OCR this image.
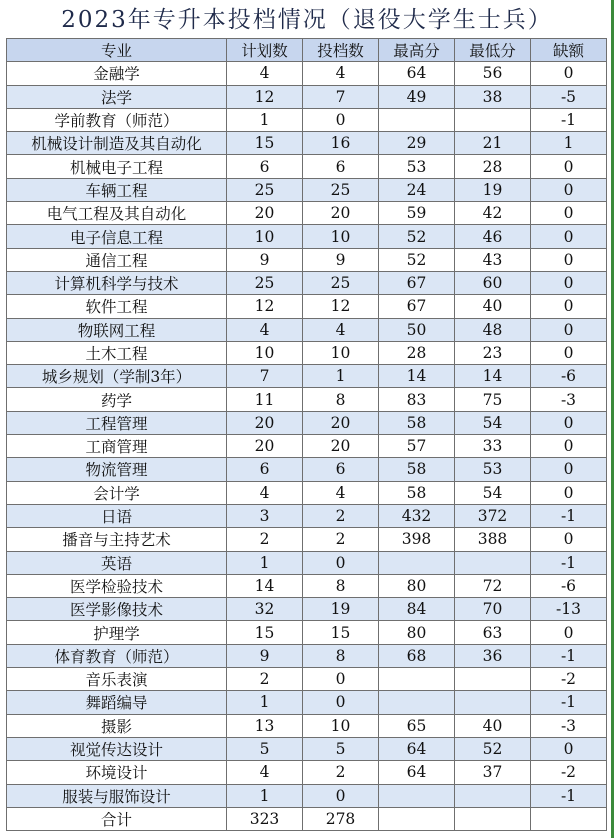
2023年专升本投档情况（退役大学生士兵）
专业	计划数	投档数	最高分	最低分	缺额
金融学	4	4	64	56	0
法学	12	7	49	38	-5
学前教育（师范）	1	0			-1
机械设计制造及其自动化	15	16	29	21	1
机械电子工程	6	6	53	28	0
车辆工程	25	25	24	19	0
电气工程及其自动化	20	20	59	42	0
电子信息工程	10	10	52	46	0
通信工程	9	9	52	43	0
计算机科学与技术	25	25	67	60	0
软件工程	12	12	67	40	0
物联网工程	4	4	50	48	0
土木工程	10	10	28	23	0
城乡规划（学制3年）	7	1	14	14	-6
药学	11	8	83	75	-3
工程管理	20	20	58	54	0
工商管理	20	20	57	33	0
物流管理	6	6	58	53	0
会计学	4	4	58	54	0
日语	3	2	432	372	-1
播音与主持艺术	2	2	398	388	0
英语	1	0			-1
医学检验技术	14	8	80	72	-6
医学影像技术	32	19	84	70	-13
护理学	15	15	80	63	0
体育教育（师范）	9	8	68	36	-1
音乐表演	2	0			-2
舞蹈编导	1	0			-1
摄影	13	10	65	40	-3
视觉传达设计	5	5	64	52	0
环境设计	4	2	64	37	-2
服装与服饰设计	1	0			-1
合计	323	278			
